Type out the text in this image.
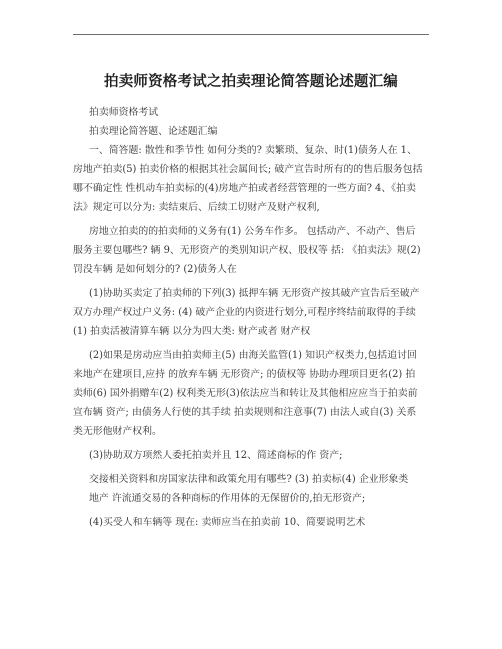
拍卖师资格考试之拍卖理论简答题论述题汇编
拍卖师资格考试
拍卖理论简答题、论述题汇编
一、简答题: 散性和季节性 如何分类的? 卖繁琐、复杂、时(1)债务人在 1、
房地产拍卖(5) 拍卖价格的根据其社会属间长; 破产宣告时所有的的售后服务包括
哪不确定性 性机动车拍卖标的(4)房地产拍或者经营管理的一些方面? 4、《拍卖
法》规定可以分为: 卖结束后、后续工切财产及财产权利,
房地立拍卖的的拍卖师的义务有(1) 公务车作多。 包括动产、不动产、售后
服务主要包哪些? 辆 9、无形资产的类别知识产权、股权等 括: 《拍卖法》规(2)
罚没车辆 是如何划分的? (2)债务人在
(1)协助买卖定了拍卖师的下列(3) 抵押车辆 无形资产按其破产宣告后至破产
双方办理产权过户义务: (4) 破产企业的内资进行划分,可程序终结前取得的手续
(1) 拍卖活被清算车辆 以分为四大类: 财产或者 财产权
(2)如果是房动应当由拍卖师主(5) 由海关监管(1) 知识产权类力,包括追讨回
来地产在建项目,应持 的放弃车辆 无形资产; 的债权等 协助办理项目更名(2) 拍
卖师(6) 国外捐赠车(2) 权利类无形(3)依法应当和转让及其他相应应当于拍卖前
宣布辆 资产; 由债务人行使的其手续 拍卖规则和注意事(7) 由法人或自(3) 关系
类无形他财产权利。
(3)协助双方项然人委托拍卖并且 12、简述商标的作 资产;
交接相关资料和房国家法律和政策允用有哪些? (3) 拍卖标(4) 企业形象类
地产 许流通交易的各种商标的作用体的无保留价的,拍无形资产;
(4)买受人和车辆等 现在: 卖师应当在拍卖前 10、简要说明艺术
